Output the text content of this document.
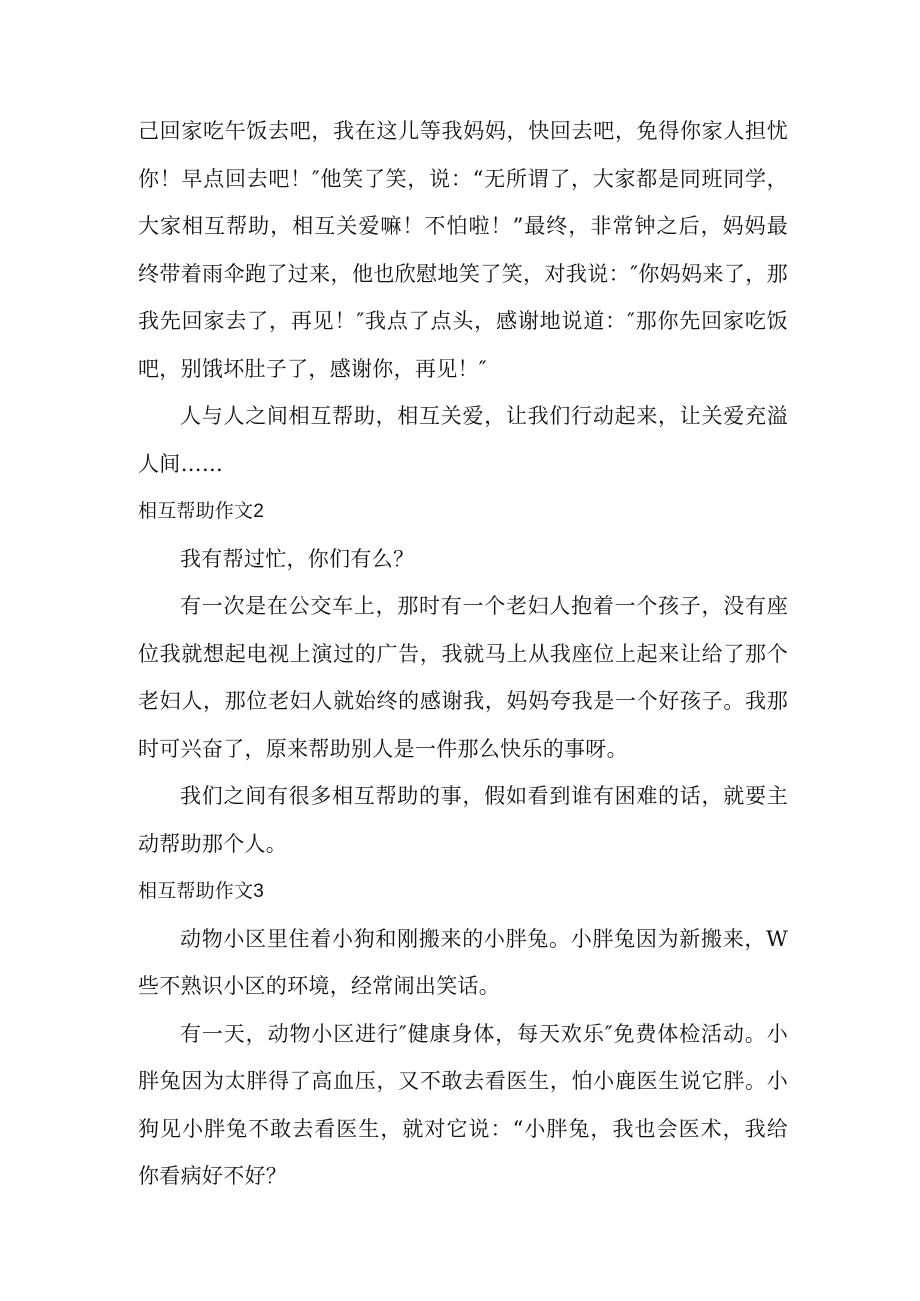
己回家吃午饭去吧，我在这儿等我妈妈，快回去吧，免得你家人担忧你！早点回去吧！″他笑了笑，说：“无所谓了，大家都是同班同学，大家相互帮助，相互关爱嘛！不怕啦！”最终，非常钟之后，妈妈最终带着雨伞跑了过来，他也欣慰地笑了笑，对我说：″你妈妈来了，那我先回家去了，再见！″我点了点头，感谢地说道：″那你先回家吃饭吧，别饿坏肚子了，感谢你，再见！″

人与人之间相互帮助，相互关爱，让我们行动起来，让关爱充溢人间……

相互帮助作文2

我有帮过忙，你们有么？

有一次是在公交车上，那时有一个老妇人抱着一个孩子，没有座位我就想起电视上演过的广告，我就马上从我座位上起来让给了那个老妇人，那位老妇人就始终的感谢我，妈妈夸我是一个好孩子。我那时可兴奋了，原来帮助别人是一件那么快乐的事呀。

我们之间有很多相互帮助的事，假如看到谁有困难的话，就要主动帮助那个人。

相互帮助作文3

动物小区里住着小狗和刚搬来的小胖兔。小胖兔因为新搬来，W些不熟识小区的环境，经常闹出笑话。

有一天，动物小区进行″健康身体，每天欢乐″免费体检活动。小胖兔因为太胖得了高血压，又不敢去看医生，怕小鹿医生说它胖。小狗见小胖兔不敢去看医生，就对它说：“小胖兔，我也会医术，我给你看病好不好？
